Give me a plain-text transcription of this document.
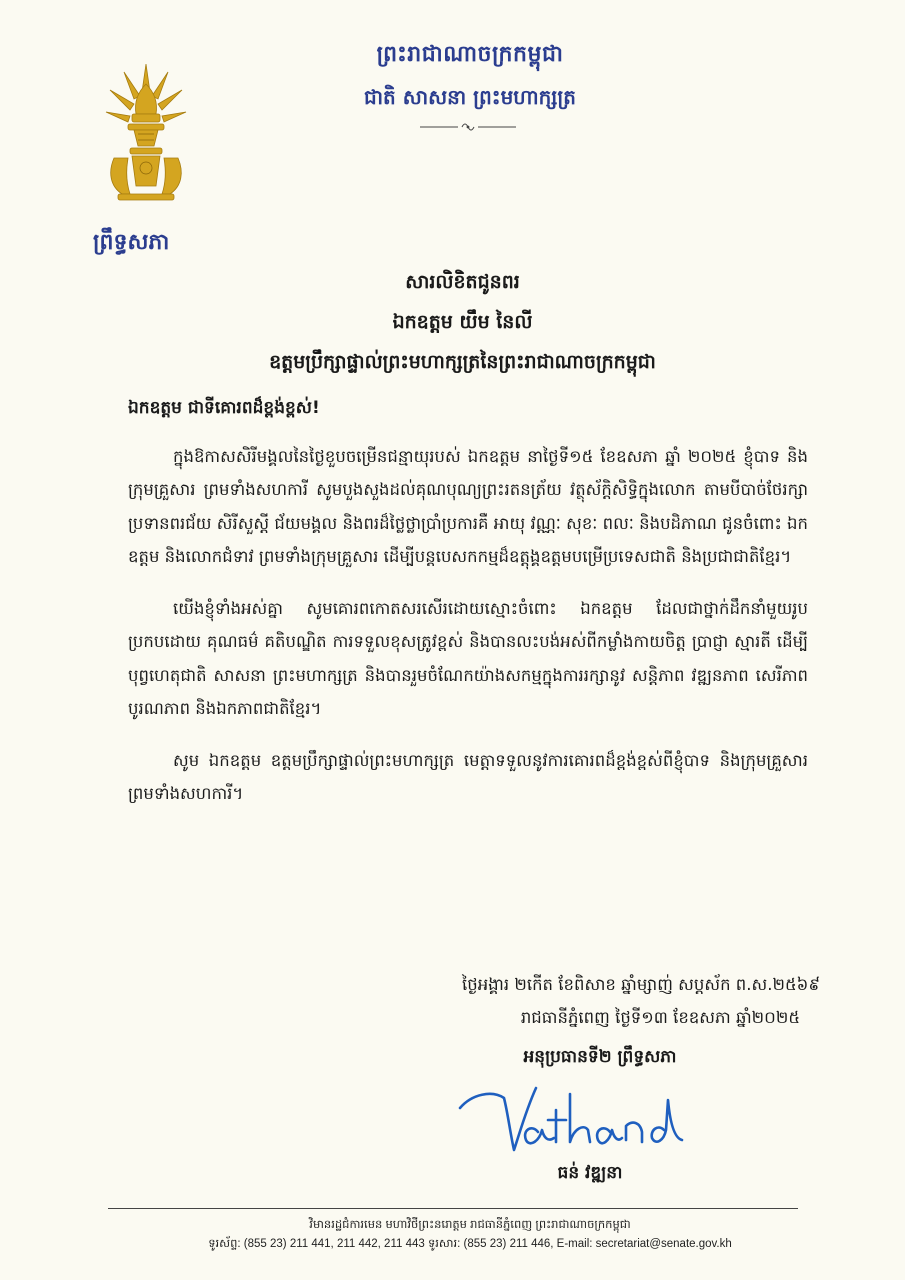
ព្រឹទ្ធសភា
ព្រះរាជាណាចក្រកម្ពុជា
ជាតិ សាសនា ព្រះមហាក្សត្រ
សារលិខិតជូនពរ
ឯកឧត្តម យឹម នៃលី
ឧត្តមប្រឹក្សាផ្ទាល់ព្រះមហាក្សត្រនៃព្រះរាជាណាចក្រកម្ពុជា

ឯកឧត្តម ជាទីគោរពដ៏ខ្ពង់ខ្ពស់!

ក្នុងឱកាសសិរីមង្គលនៃថ្ងៃខួបចម្រើនជន្មាយុរបស់ ឯកឧត្តម នាថ្ងៃទី១៥ ខែឧសភា ឆ្នាំ ២០២៥ ខ្ញុំបាទ និងក្រុមគ្រួសារ ព្រមទាំងសហការី សូមបួងសួងដល់គុណបុណ្យព្រះរតនត្រ័យ វត្ថុស័ក្តិសិទ្ធិក្នុងលោក តាមបីបាច់ថែរក្សា ប្រទានពរជ័យ សិរីសួស្តី ជ័យមង្គល និងពរដ៏ថ្លៃថ្លាប្រាំប្រការគឺ អាយុ វណ្ណៈ សុខៈ ពលៈ និងបដិភាណ ជូនចំពោះ ឯកឧត្តម និងលោកជំទាវ ព្រមទាំងក្រុមគ្រួសារ ដើម្បីបន្តបេសកកម្មដ៏ឧត្តុង្គឧត្តមបម្រើប្រទេសជាតិ និងប្រជាជាតិខ្មែរ។

យើងខ្ញុំទាំងអស់គ្នា សូមគោរពកោតសរសើរដោយស្មោះចំពោះ ឯកឧត្តម ដែលជាថ្នាក់ដឹកនាំមួយរូបប្រកបដោយ គុណធម៌ គតិបណ្ឌិត ការទទួលខុសត្រូវខ្ពស់ និងបានលះបង់អស់ពីកម្លាំងកាយចិត្ត ប្រាជ្ញា ស្មារតី ដើម្បីបុព្វហេតុជាតិ សាសនា ព្រះមហាក្សត្រ និងបានរួមចំណែកយ៉ាងសកម្មក្នុងការរក្សានូវ សន្តិភាព វឌ្ឍនភាព សេរីភាព បូរណភាព និងឯកភាពជាតិខ្មែរ។

សូម ឯកឧត្តម ឧត្តមប្រឹក្សាផ្ទាល់ព្រះមហាក្សត្រ មេត្តាទទួលនូវការគោរពដ៏ខ្ពង់ខ្ពស់ពីខ្ញុំបាទ និងក្រុមគ្រួសារ ព្រមទាំងសហការី។

ថ្ងៃអង្គារ ២កើត ខែពិសាខ ឆ្នាំម្សាញ់ សប្តស័ក ព.ស.២៥៦៩
រាជធានីភ្នំពេញ ថ្ងៃទី១៣ ខែឧសភា ឆ្នាំ២០២៥
អនុប្រធានទី២ ព្រឹទ្ធសភា
ធន់ វឌ្ឍនា
វិមានរដ្ឋជំការមេន មហាវិថីព្រះនរោត្តម រាជធានីភ្នំពេញ ព្រះរាជាណាចក្រកម្ពុជា
ទូរស័ព្ទ: (855 23) 211 441, 211 442, 211 443 ទូរសារ: (855 23) 211 446, E-mail: secretariat@senate.gov.kh
